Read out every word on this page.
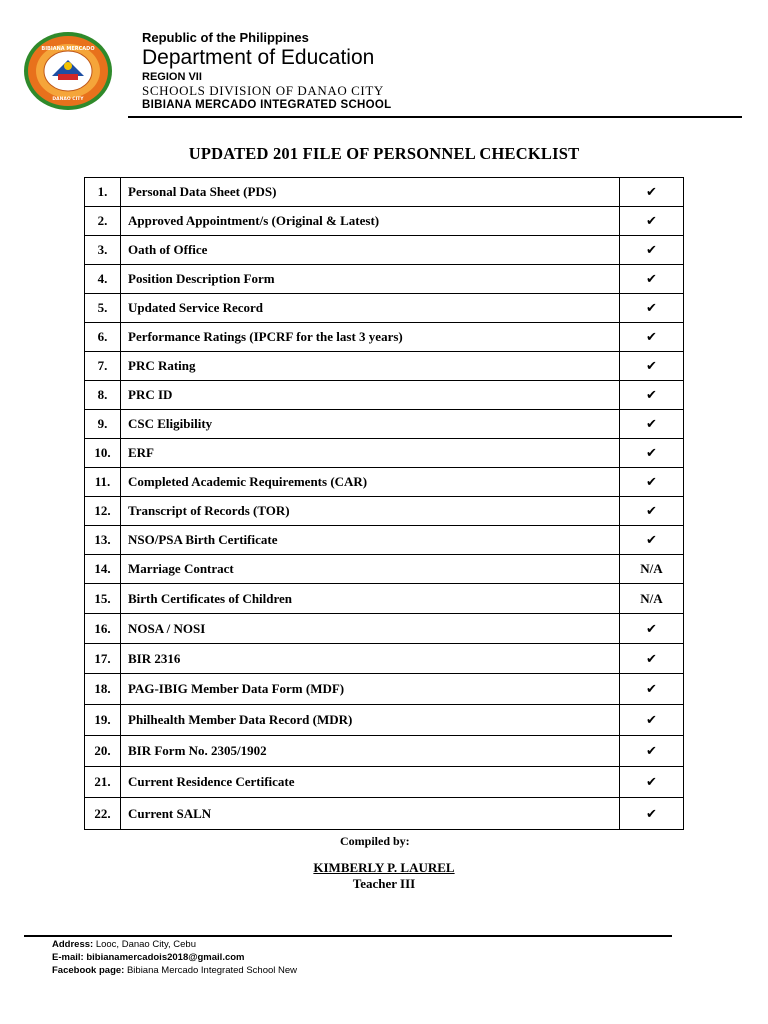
BIBIANA MERCADO
DANAO CITY
Republic of the Philippines
Department of Education
REGION VII
SCHOOLS DIVISION OF DANAO CITY
BIBIANA MERCADO INTEGRATED SCHOOL
UPDATED 201 FILE OF PERSONNEL CHECKLIST
1.	Personal Data Sheet (PDS)	✔
2.	Approved Appointment/s (Original & Latest)	✔
3.	Oath of Office	✔
4.	Position Description Form	✔
5.	Updated Service Record	✔
6.	Performance Ratings (IPCRF for the last 3 years)	✔
7.	PRC Rating	✔
8.	PRC ID	✔
9.	CSC Eligibility	✔
10.	ERF	✔
11.	Completed Academic Requirements (CAR)	✔
12.	Transcript of Records (TOR)	✔
13.	NSO/PSA Birth Certificate	✔
14.	Marriage Contract	N/A
15.	Birth Certificates of Children	N/A
16.	NOSA / NOSI	✔
17.	BIR 2316	✔
18.	PAG-IBIG Member Data Form (MDF)	✔
19.	Philhealth Member Data Record (MDR)	✔
20.	BIR Form No. 2305/1902	✔
21.	Current Residence Certificate	✔
22.	Current SALN	✔
Compiled by:
KIMBERLY P. LAUREL
Teacher III
Address: Looc, Danao City, Cebu
E-mail: bibianamercadois2018@gmail.com
Facebook page: Bibiana Mercado Integrated School New
